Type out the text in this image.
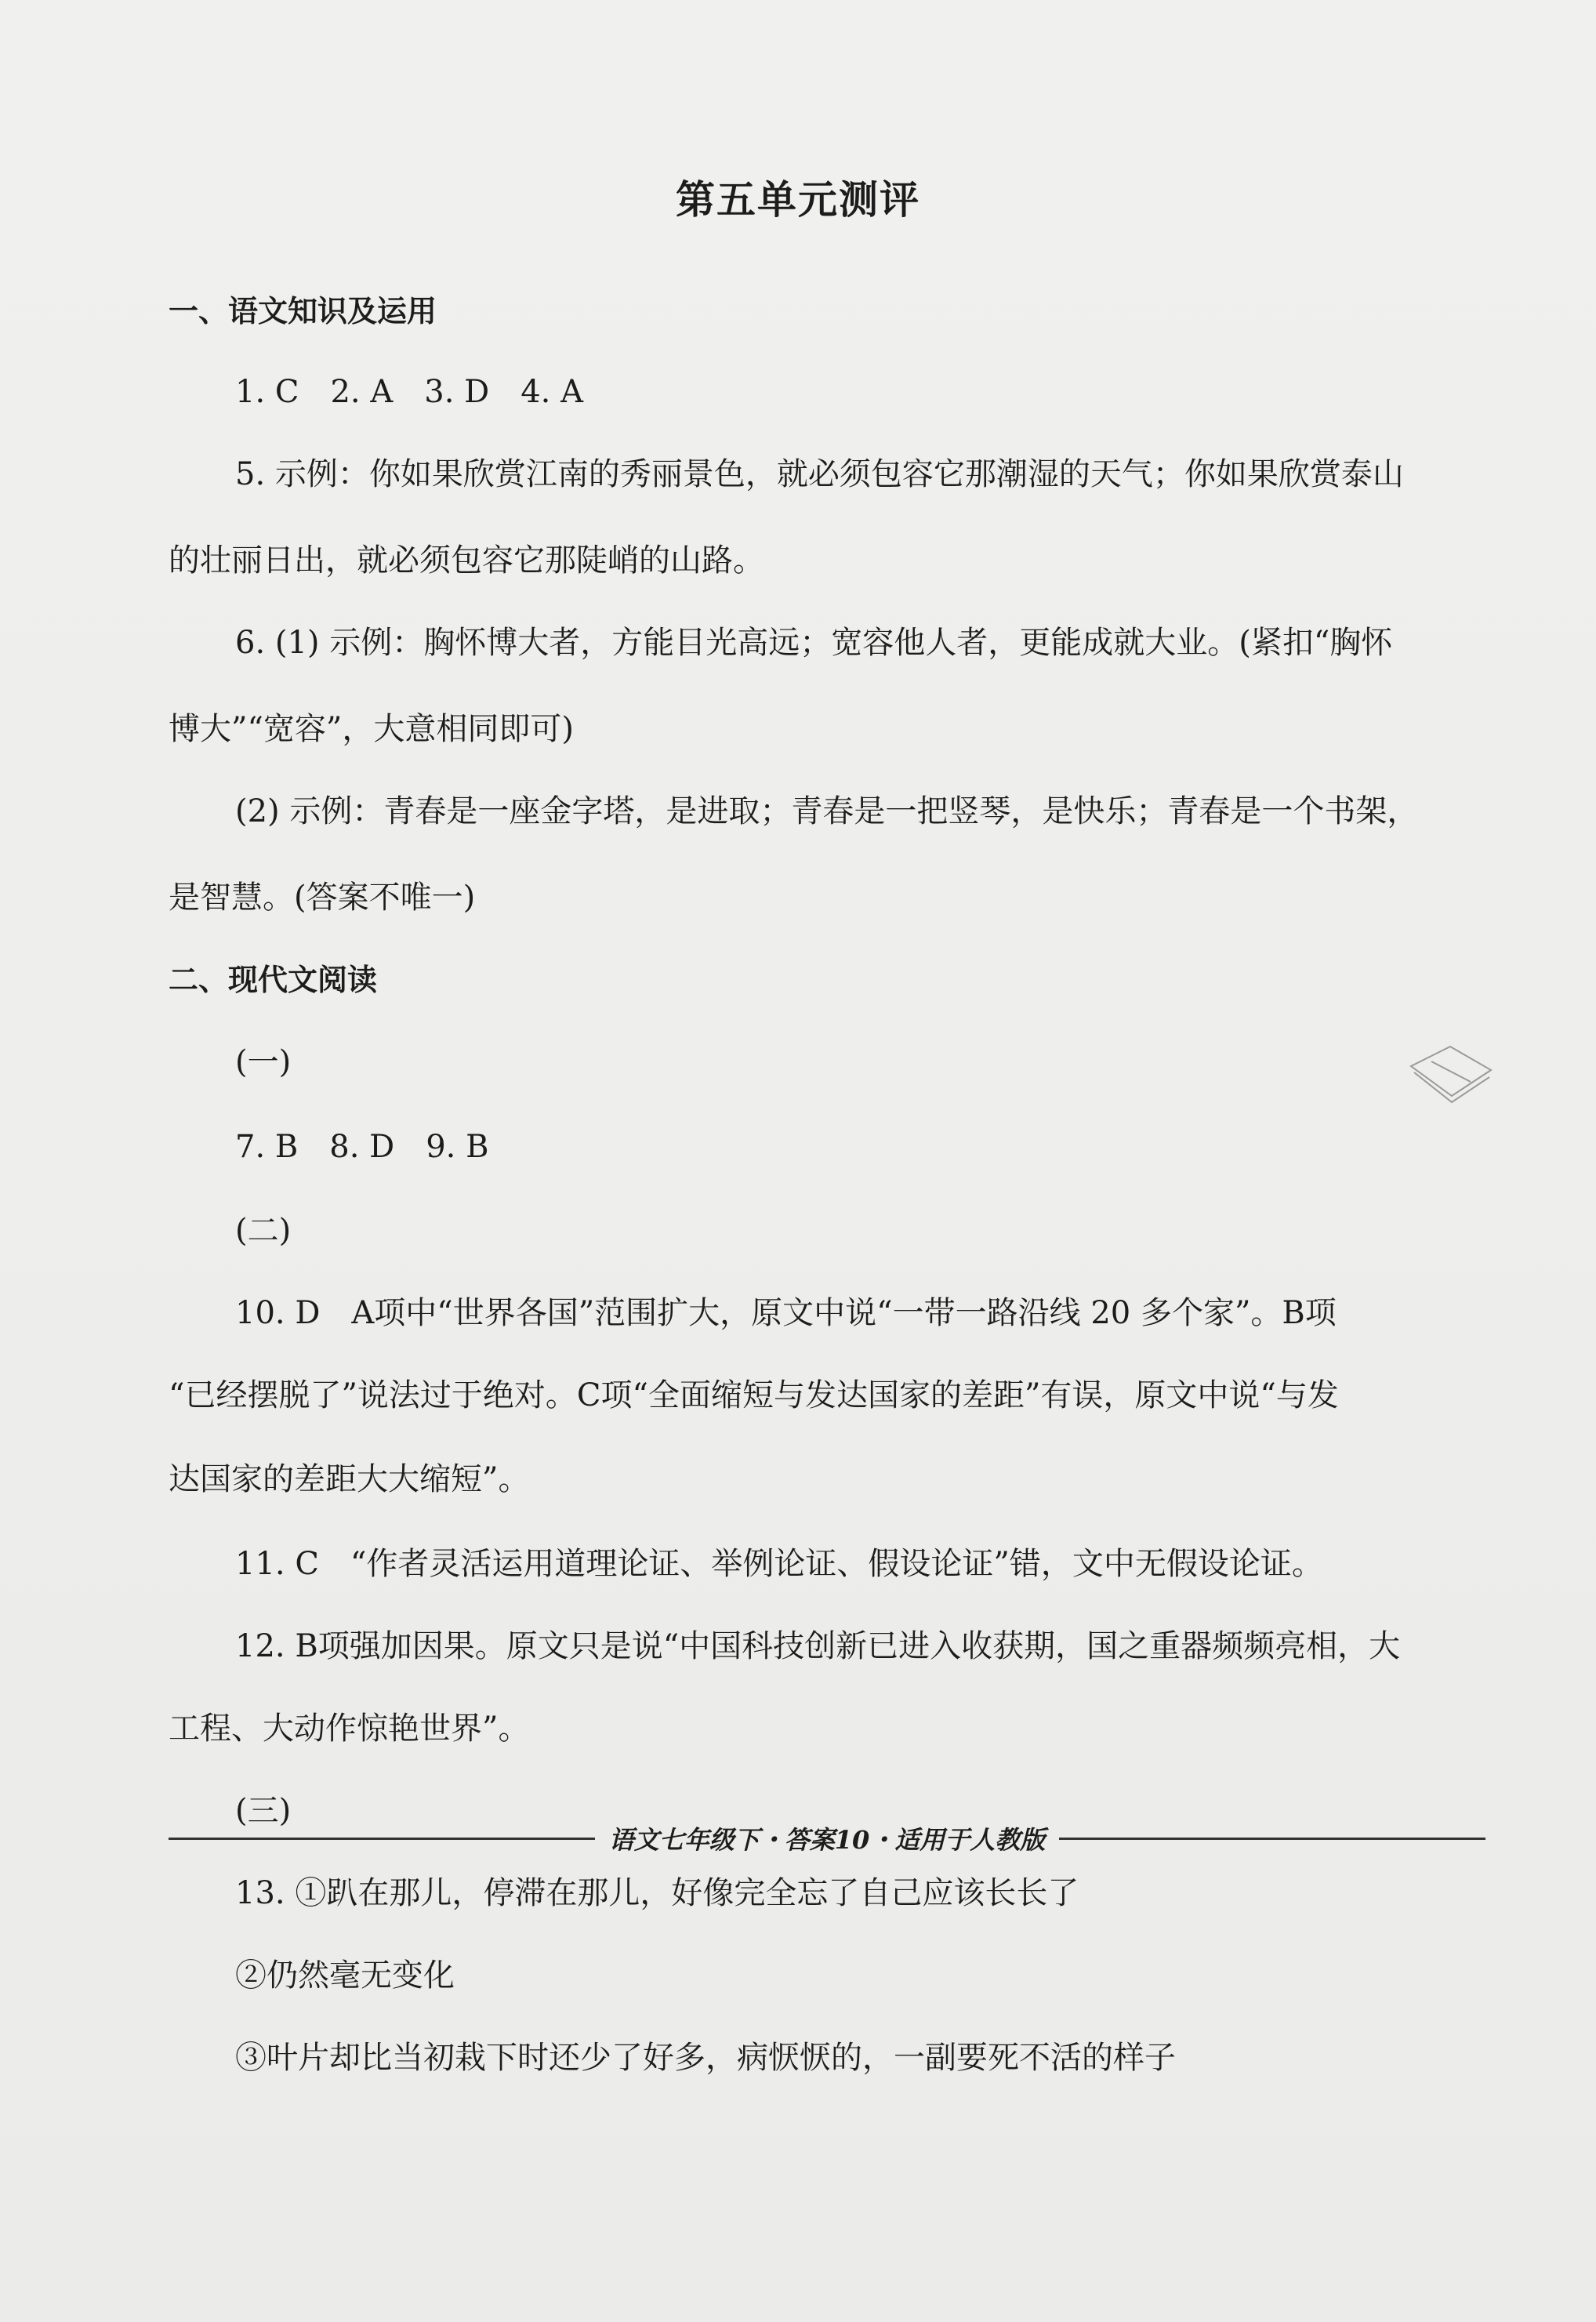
第五单元测评
一、语文知识及运用
1. C　2. A　3. D　4. A
5. 示例：你如果欣赏江南的秀丽景色，就必须包容它那潮湿的天气；你如果欣赏泰山
的壮丽日出，就必须包容它那陡峭的山路。
6. (1) 示例：胸怀博大者，方能目光高远；宽容他人者，更能成就大业。(紧扣“胸怀
博大”“宽容”，大意相同即可)
(2) 示例：青春是一座金字塔，是进取；青春是一把竖琴，是快乐；青春是一个书架，
是智慧。(答案不唯一)
二、现代文阅读
(一)
7. B　8. D　9. B
(二)
10. D　A项中“世界各国”范围扩大，原文中说“一带一路沿线 20 多个家”。B项
“已经摆脱了”说法过于绝对。C项“全面缩短与发达国家的差距”有误，原文中说“与发
达国家的差距大大缩短”。
11. C　“作者灵活运用道理论证、举例论证、假设论证”错，文中无假设论证。
12. B项强加因果。原文只是说“中国科技创新已进入收获期，国之重器频频亮相，大
工程、大动作惊艳世界”。
(三)
13. ①趴在那儿，停滞在那儿，好像完全忘了自己应该长长了
②仍然毫无变化
③叶片却比当初栽下时还少了好多，病恹恹的，一副要死不活的样子
语文七年级下・答案10・适用于人教版
